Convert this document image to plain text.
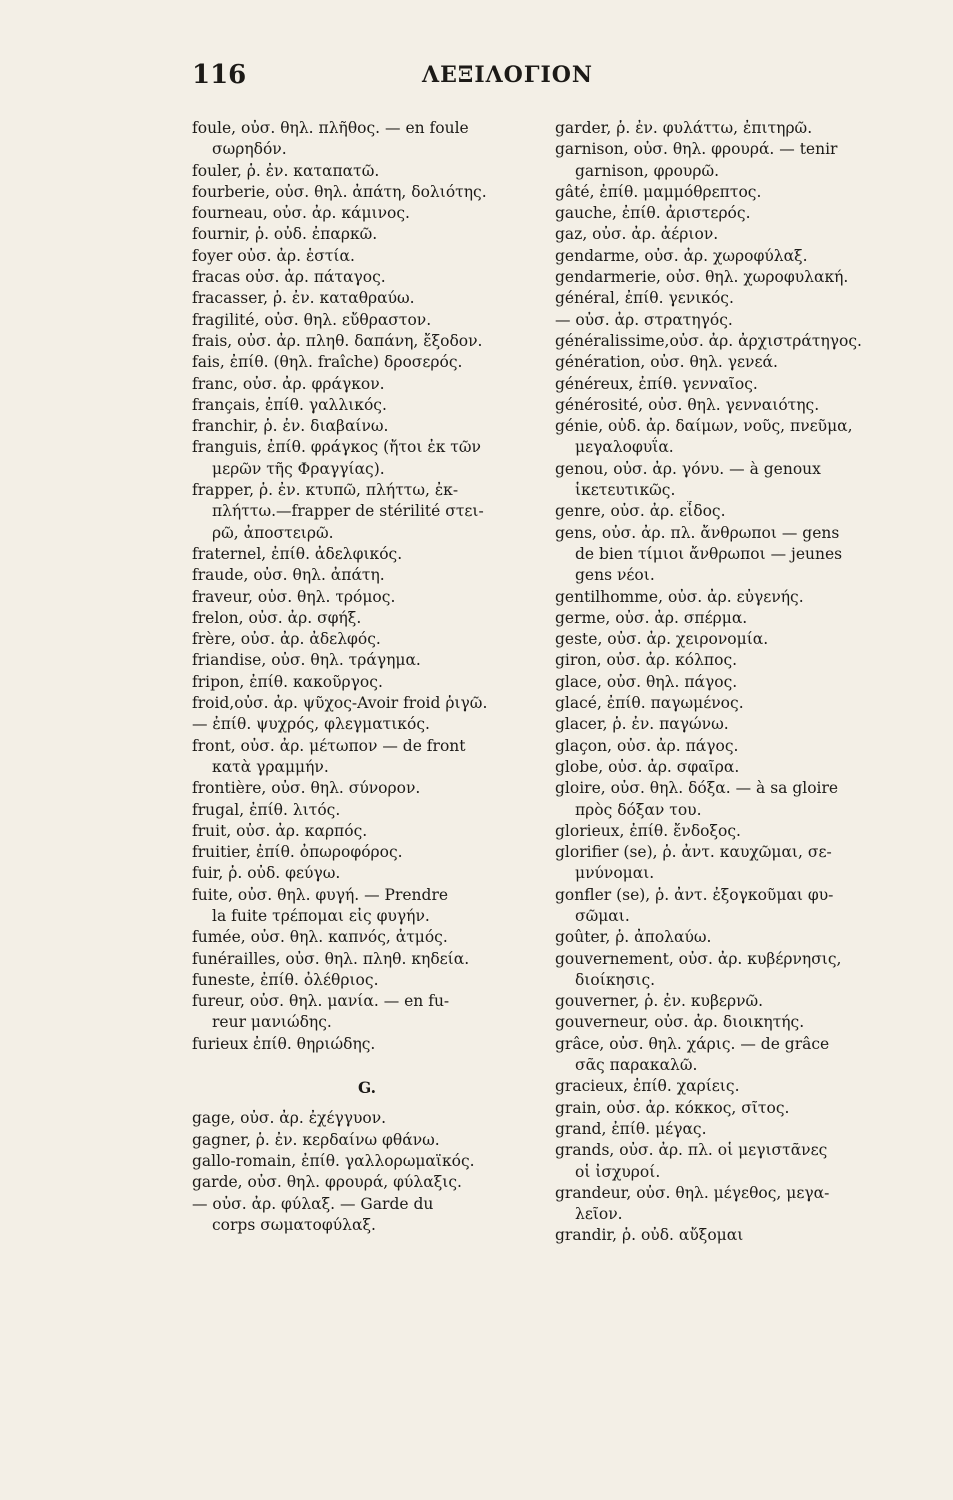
116	ΛΕΞΙΛΟΓΙΟΝ
foule, οὐσ. θηλ. πλῆθος. — en foule
σωρηδόν.
fouler, ῥ. ἐν. καταπατῶ.
fourberie, οὐσ. θηλ. ἀπάτη, δολιότης.
fourneau, οὐσ. ἀρ. κάμινος.
fournir, ῥ. οὐδ. ἐπαρκῶ.
foyer οὐσ. ἀρ. ἑστία.
fracas οὐσ. ἀρ. πάταγος.
fracasser, ῥ. ἐν. καταθραύω.
fragilité, οὐσ. θηλ. εὔθραστον.
frais, οὐσ. ἀρ. πληθ. δαπάνη, ἔξοδον.
fais, ἐπίθ. (θηλ. fraîche) δροσερός.
franc, οὐσ. ἀρ. φράγκον.
français, ἐπίθ. γαλλικός.
franchir, ῥ. ἐν. διαβαίνω.
franguis, ἐπίθ. φράγκος (ἤτοι ἐκ τῶν
μερῶν τῆς Φραγγίας).
frapper, ῥ. ἐν. κτυπῶ, πλήττω, ἐκ-
πλήττω.—frapper de stérilité στει-
ρῶ, ἀποστειρῶ.
fraternel, ἐπίθ. ἀδελφικός.
fraude, οὐσ. θηλ. ἀπάτη.
fraveur, οὐσ. θηλ. τρόμος.
frelon, οὐσ. ἀρ. σφήξ.
frère, οὐσ. ἀρ. ἀδελφός.
friandise, οὐσ. θηλ. τράγημα.
fripon, ἐπίθ. κακοῦργος.
froid,οὐσ. ἀρ. ψῦχος-Avoir froid ῥιγῶ.
— ἐπίθ. ψυχρός, φλεγματικός.
front, οὐσ. ἀρ. μέτωπον — de front
κατὰ γραμμήν.
frontière, οὐσ. θηλ. σύνορον.
frugal, ἐπίθ. λιτός.
fruit, οὐσ. ἀρ. καρπός.
fruitier, ἐπίθ. ὀπωροφόρος.
fuir, ῥ. οὐδ. φεύγω.
fuite, οὐσ. θηλ. φυγή. — Prendre
la fuite τρέπομαι εἰς φυγήν.
fumée, οὐσ. θηλ. καπνός, ἀτμός.
funérailles, οὐσ. θηλ. πληθ. κηδεία.
funeste, ἐπίθ. ὀλέθριος.
fureur, οὐσ. θηλ. μανία. — en fu-
reur μανιώδης.
furieux ἐπίθ. θηριώδης.
G.
gage, οὐσ. ἀρ. ἐχέγγυον.
gagner, ῥ. ἐν. κερδαίνω φθάνω.
gallo-romain, ἐπίθ. γαλλορωμαϊκός.
garde, οὐσ. θηλ. φρουρά, φύλαξις.
— οὐσ. ἀρ. φύλαξ. — Garde du
corps σωματοφύλαξ.
garder, ῥ. ἐν. φυλάττω, ἐπιτηρῶ.
garnison, οὐσ. θηλ. φρουρά. — tenir
garnison, φρουρῶ.
gâté, ἐπίθ. μαμμόθρεπτος.
gauche, ἐπίθ. ἀριστερός.
gaz, οὐσ. ἀρ. ἀέριον.
gendarme, οὐσ. ἀρ. χωροφύλαξ.
gendarmerie, οὐσ. θηλ. χωροφυλακή.
général, ἐπίθ. γενικός.
— οὐσ. ἀρ. στρατηγός.
généralissime,οὐσ. ἀρ. ἀρχιστράτηγος.
génération, οὐσ. θηλ. γενεά.
généreux, ἐπίθ. γενναῖος.
générosité, οὐσ. θηλ. γενναιότης.
génie, οὐδ. ἀρ. δαίμων, νοῦς, πνεῦμα,
μεγαλοφυΐα.
genou, οὐσ. ἀρ. γόνυ. — à genoux
ἱκετευτικῶς.
genre, οὐσ. ἀρ. εἶδος.
gens, οὐσ. ἀρ. πλ. ἄνθρωποι — gens
de bien τίμιοι ἄνθρωποι — jeunes
gens νέοι.
gentilhomme, οὐσ. ἀρ. εὐγενής.
germe, οὐσ. ἀρ. σπέρμα.
geste, οὐσ. ἀρ. χειρονομία.
giron, οὐσ. ἀρ. κόλπος.
glace, οὐσ. θηλ. πάγος.
glacé, ἐπίθ. παγωμένος.
glacer, ῥ. ἐν. παγώνω.
glaçon, οὐσ. ἀρ. πάγος.
globe, οὐσ. ἀρ. σφαῖρα.
gloire, οὐσ. θηλ. δόξα. — à sa gloire
πρὸς δόξαν του.
glorieux, ἐπίθ. ἔνδοξος.
glorifier (se), ῥ. ἀντ. καυχῶμαι, σε-
μνύνομαι.
gonfler (se), ῥ. ἀντ. ἐξογκοῦμαι φυ-
σῶμαι.
goûter, ῥ. ἀπολαύω.
gouvernement, οὐσ. ἀρ. κυβέρνησις,
διοίκησις.
gouverner, ῥ. ἐν. κυβερνῶ.
gouverneur, οὐσ. ἀρ. διοικητής.
grâce, οὐσ. θηλ. χάρις. — de grâce
σᾶς παρακαλῶ.
gracieux, ἐπίθ. χαρίεις.
grain, οὐσ. ἀρ. κόκκος, σῖτος.
grand, ἐπίθ. μέγας.
grands, οὐσ. ἀρ. πλ. οἱ μεγιστᾶνες
οἱ ἰσχυροί.
grandeur, οὐσ. θηλ. μέγεθος, μεγα-
λεῖον.
grandir, ῥ. οὐδ. αὔξομαι
